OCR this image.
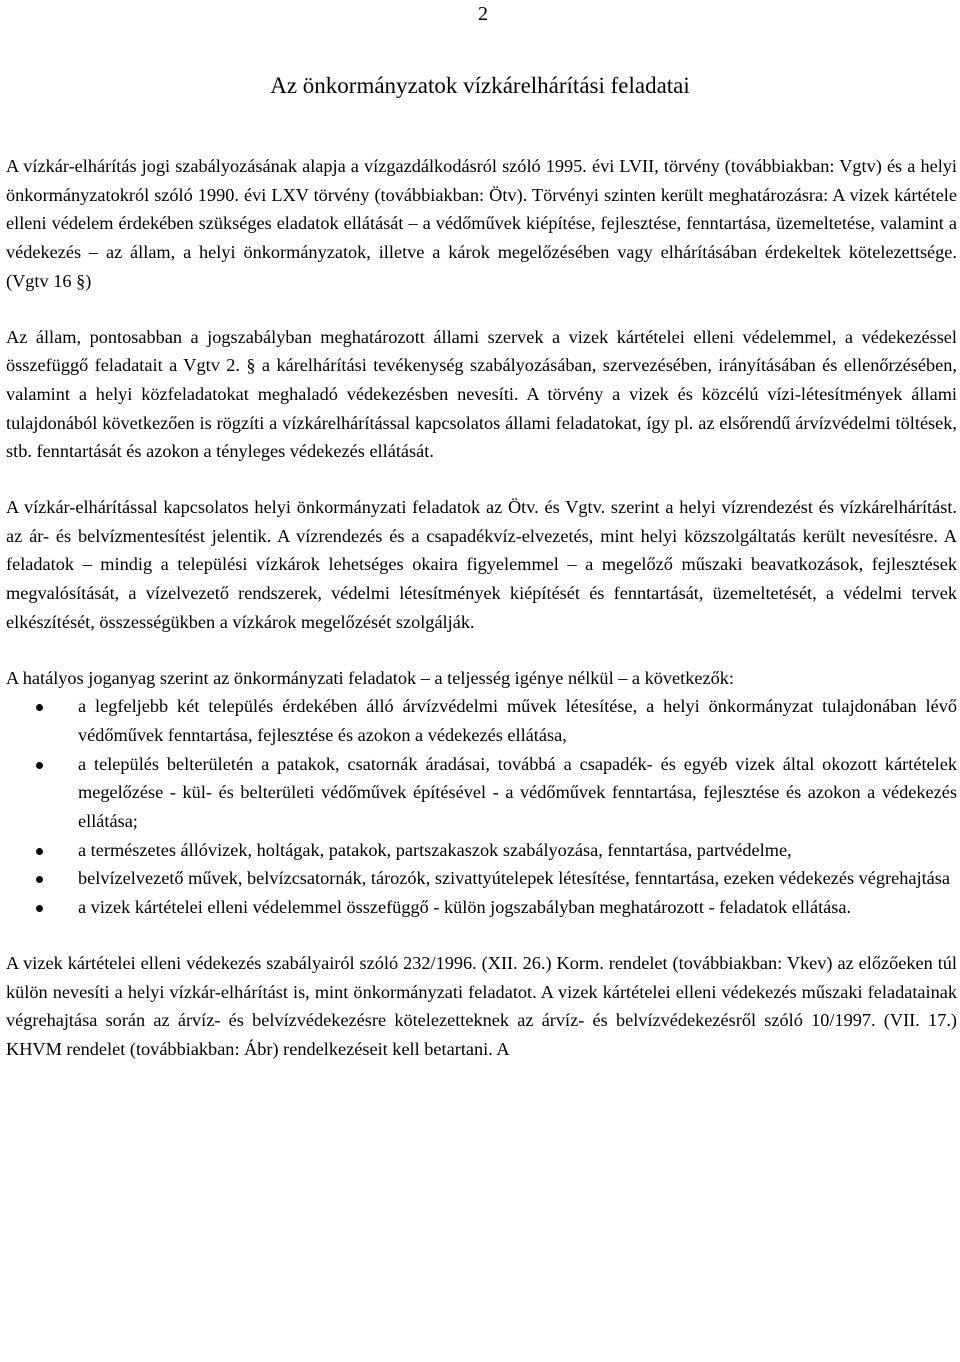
2
Az önkormányzatok vízkárelhárítási feladatai

A vízkár-elhárítás jogi szabályozásának alapja a vízgazdálkodásról szóló 1995. évi LVII, törvény (továbbiakban: Vgtv) és a helyi önkormányzatokról szóló 1990. évi LXV törvény (továbbiakban: Ötv). Törvényi szinten került meghatározásra: A vizek kártétele elleni védelem érdekében szükséges eladatok ellátását – a védőművek kiépítése, fejlesztése, fenntartása, üzemeltetése, valamint a védekezés – az állam, a helyi önkormányzatok, illetve a károk megelőzésében vagy elhárításában érdekeltek kötelezettsége. (Vgtv 16 §)

Az állam, pontosabban a jogszabályban meghatározott állami szervek a vizek kártételei elleni védelemmel, a védekezéssel összefüggő feladatait a Vgtv 2. § a kárelhárítási tevékenység szabályozásában, szervezésében, irányításában és ellenőrzésében, valamint a helyi közfeladatokat meghaladó védekezésben nevesíti. A törvény a vizek és közcélú vízi-létesítmények állami tulajdonából következően is rögzíti a vízkárelhárítással kapcsolatos állami feladatokat, így pl. az elsőrendű árvízvédelmi töltések, stb. fenntartását és azokon a tényleges védekezés ellátását.

A vízkár-elhárítással kapcsolatos helyi önkormányzati feladatok az Ötv. és Vgtv. szerint a helyi vízrendezést és vízkárelhárítást. az ár- és belvízmentesítést jelentik. A vízrendezés és a csapadékvíz-elvezetés, mint helyi közszolgáltatás került nevesítésre. A feladatok – mindig a települési vízkárok lehetséges okaira figyelemmel – a megelőző műszaki beavatkozások, fejlesztések megvalósítását, a vízelvezető rendszerek, védelmi létesítmények kiépítését és fenntartását, üzemeltetését, a védelmi tervek elkészítését, összességükben a vízkárok megelőzését szolgálják.

A hatályos joganyag szerint az önkormányzati feladatok – a teljesség igénye nélkül – a következők:

a legfeljebb két település érdekében álló árvízvédelmi művek létesítése, a helyi önkormányzat tulajdonában lévő védőművek fenntartása, fejlesztése és azokon a védekezés ellátása,
a település belterületén a patakok, csatornák áradásai, továbbá a csapadék- és egyéb vizek által okozott kártételek megelőzése - kül- és belterületi védőművek építésével - a védőművek fenntartása, fejlesztése és azokon a védekezés ellátása;
a természetes állóvizek, holtágak, patakok, partszakaszok szabályozása, fenntartása, partvédelme,
belvízelvezető művek, belvízcsatornák, tározók, szivattyútelepek létesítése, fenntartása, ezeken védekezés végrehajtása
a vizek kártételei elleni védelemmel összefüggő - külön jogszabályban meghatározott - feladatok ellátása.

A vizek kártételei elleni védekezés szabályairól szóló 232/1996. (XII. 26.) Korm. rendelet (továbbiakban: Vkev) az előzőeken túl külön nevesíti a helyi vízkár-elhárítást is, mint önkormányzati feladatot. A vizek kártételei elleni védekezés műszaki feladatainak végrehajtása során az árvíz- és belvízvédekezésre kötelezetteknek az árvíz- és belvízvédekezésről szóló 10/1997. (VII. 17.) KHVM rendelet (továbbiakban: Ábr) rendelkezéseit kell betartani. A
